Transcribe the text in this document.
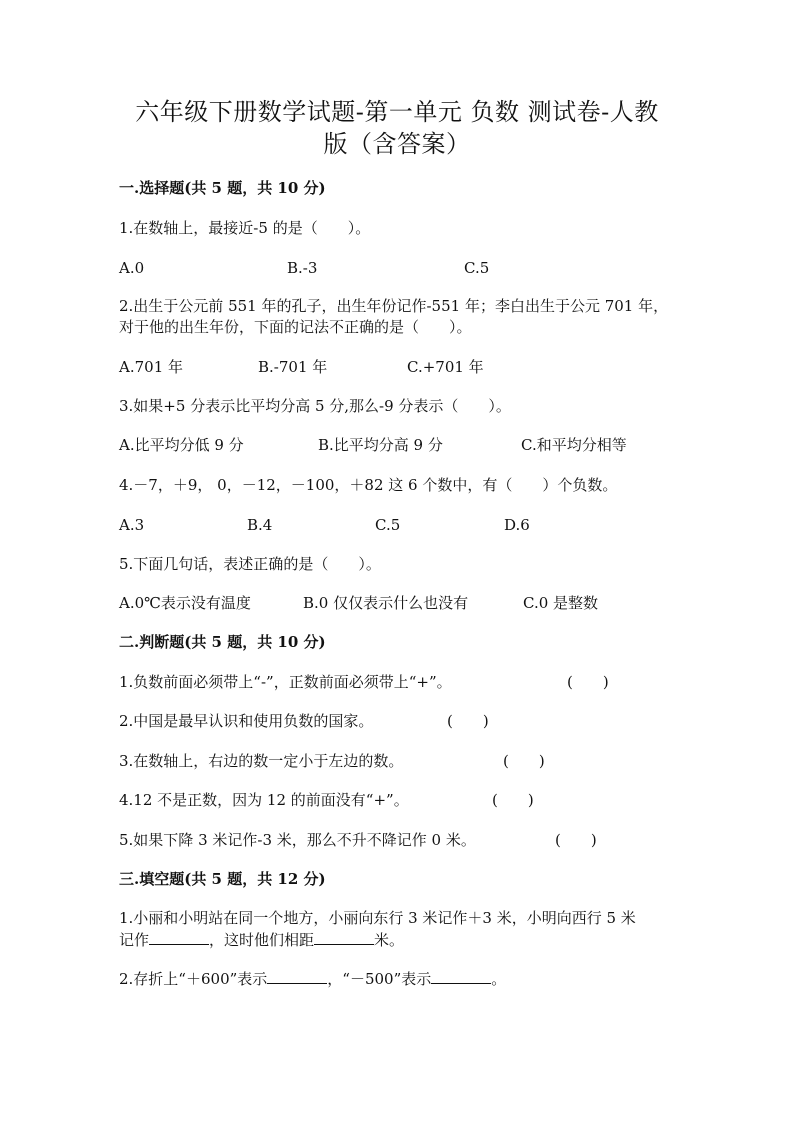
六年级下册数学试题-第一单元 负数 测试卷-人教
版（含答案）
一.选择题(共 5 题，共 10 分)
1.在数轴上，最接近-5 的是（　　）。
A.0	B.-3	C.5
2.出生于公元前 551 年的孔子，出生年份记作-551 年；李白出生于公元 701 年，
对于他的出生年份，下面的记法不正确的是（　　）。
A.701 年	B.-701 年	C.+701 年
3.如果+5 分表示比平均分高 5 分,那么-9 分表示（　　）。
A.比平均分低 9 分	B.比平均分高 9 分	C.和平均分相等
4.－7，＋9， 0，－12，－100，＋82 这 6 个数中，有（　　）个负数。
A.3	B.4	C.5	D.6
5.下面几句话，表述正确的是（　　）。
A.0℃表示没有温度	B.0 仅仅表示什么也没有	C.0 是整数
二.判断题(共 5 题，共 10 分)
1.负数前面必须带上“-”，正数前面必须带上“+”。	(　　)
2.中国是最早认识和使用负数的国家。	(　　)
3.在数轴上，右边的数一定小于左边的数。	(　　)
4.12 不是正数，因为 12 的前面没有“+”。	(　　)
5.如果下降 3 米记作-3 米，那么不升不降记作 0 米。	(　　)
三.填空题(共 5 题，共 12 分)
1.小丽和小明站在同一个地方，小丽向东行 3 米记作＋3 米，小明向西行 5 米
记作	，这时他们相距	米。
2.存折上“＋600”表示	，“－500”表示	。
